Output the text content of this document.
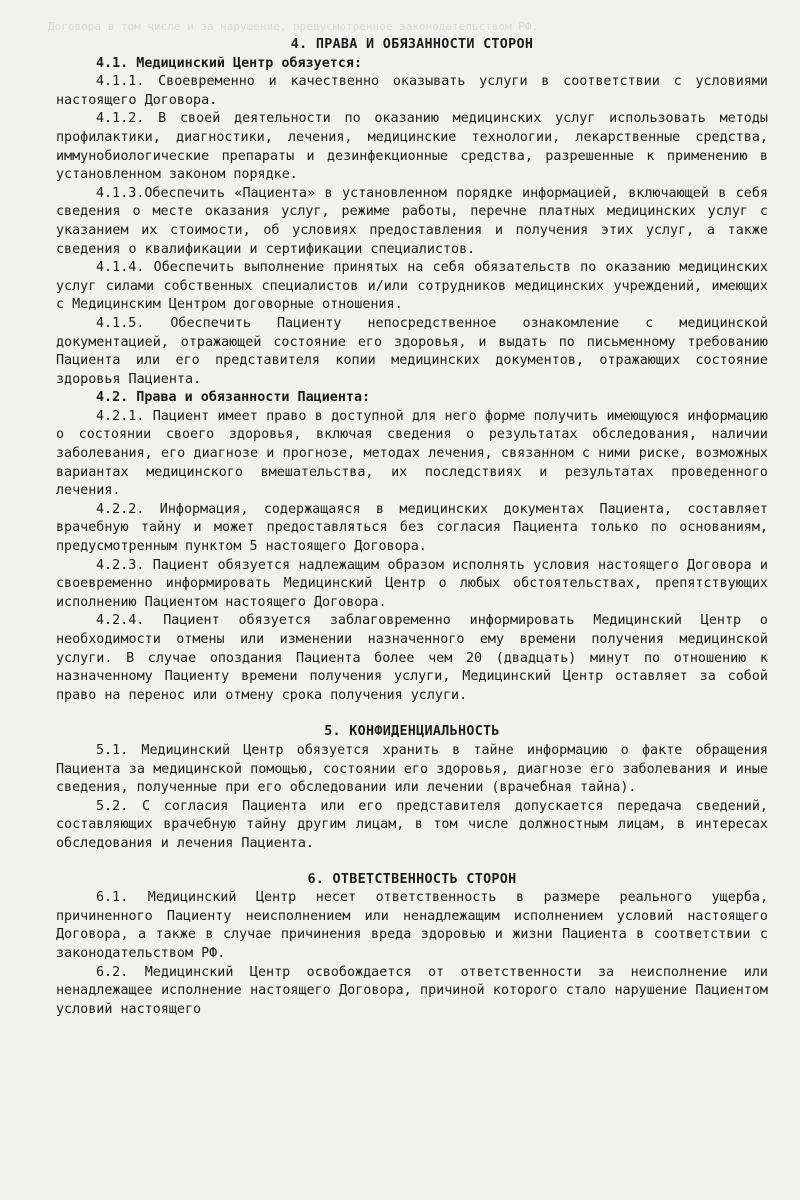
Договора в том числе и за нарушение, предусмотренное законодательством РФ.

4. ПРАВА И ОБЯЗАННОСТИ СТОРОН

4.1. Медицинский Центр обязуется:

4.1.1. Своевременно и качественно оказывать услуги в соответствии с условиями настоящего Договора.

4.1.2. В своей деятельности по оказанию медицинских услуг использовать методы профилактики, диагностики, лечения, медицинские технологии, лекарственные средства, иммунобиологические препараты и дезинфекционные средства, разрешенные к применению в установленном законом порядке.

4.1.3.Обеспечить «Пациента» в установленном порядке информацией, включающей в себя сведения о месте оказания услуг, режиме работы, перечне платных медицинских услуг с указанием их стоимости, об условиях предоставления и получения этих услуг, а также сведения о квалификации и сертификации специалистов.

4.1.4. Обеспечить выполнение принятых на себя обязательств по оказанию медицинских услуг силами собственных специалистов и/или сотрудников медицинских учреждений, имеющих с Медицинским Центром договорные отношения.

4.1.5. Обеспечить Пациенту непосредственное ознакомление с медицинской документацией, отражающей состояние его здоровья, и выдать по письменному требованию Пациента или его представителя копии медицинских документов, отражающих состояние здоровья Пациента.

4.2. Права и обязанности Пациента:

4.2.1. Пациент имеет право в доступной для него форме получить имеющуюся информацию о состоянии своего здоровья, включая сведения о результатах обследования, наличии заболевания, его диагнозе и прогнозе, методах лечения, связанном с ними риске, возможных вариантах медицинского вмешательства, их последствиях и результатах проведенного лечения.

4.2.2. Информация, содержащаяся в медицинских документах Пациента, составляет врачебную тайну и может предоставляться без согласия Пациента только по основаниям, предусмотренным пунктом 5 настоящего Договора.

4.2.3. Пациент обязуется надлежащим образом исполнять условия настоящего Договора и своевременно информировать Медицинский Центр о любых обстоятельствах, препятствующих исполнению Пациентом настоящего Договора.

4.2.4. Пациент обязуется заблаговременно информировать Медицинский Центр о необходимости отмены или изменении назначенного ему времени получения медицинской услуги. В случае опоздания Пациента более чем 20 (двадцать) минут по отношению к назначенному Пациенту времени получения услуги, Медицинский Центр оставляет за собой право на перенос или отмену срока получения услуги.

5. КОНФИДЕНЦИАЛЬНОСТЬ

5.1. Медицинский Центр обязуется хранить в тайне информацию о факте обращения Пациента за медицинской помощью, состоянии его здоровья, диагнозе его заболевания и иные сведения, полученные при его обследовании или лечении (врачебная тайна).

5.2. С согласия Пациента или его представителя допускается передача сведений, составляющих врачебную тайну другим лицам, в том числе должностным лицам, в интересах обследования и лечения Пациента.

6. ОТВЕТСТВЕННОСТЬ СТОРОН

6.1. Медицинский Центр несет ответственность в размере реального ущерба, причиненного Пациенту неисполнением или ненадлежащим исполнением условий настоящего Договора, а также в случае причинения вреда здоровью и жизни Пациента в соответствии с законодательством РФ.

6.2. Медицинский Центр освобождается от ответственности за неисполнение или ненадлежащее исполнение настоящего Договора, причиной которого стало нарушение Пациентом условий настоящего
